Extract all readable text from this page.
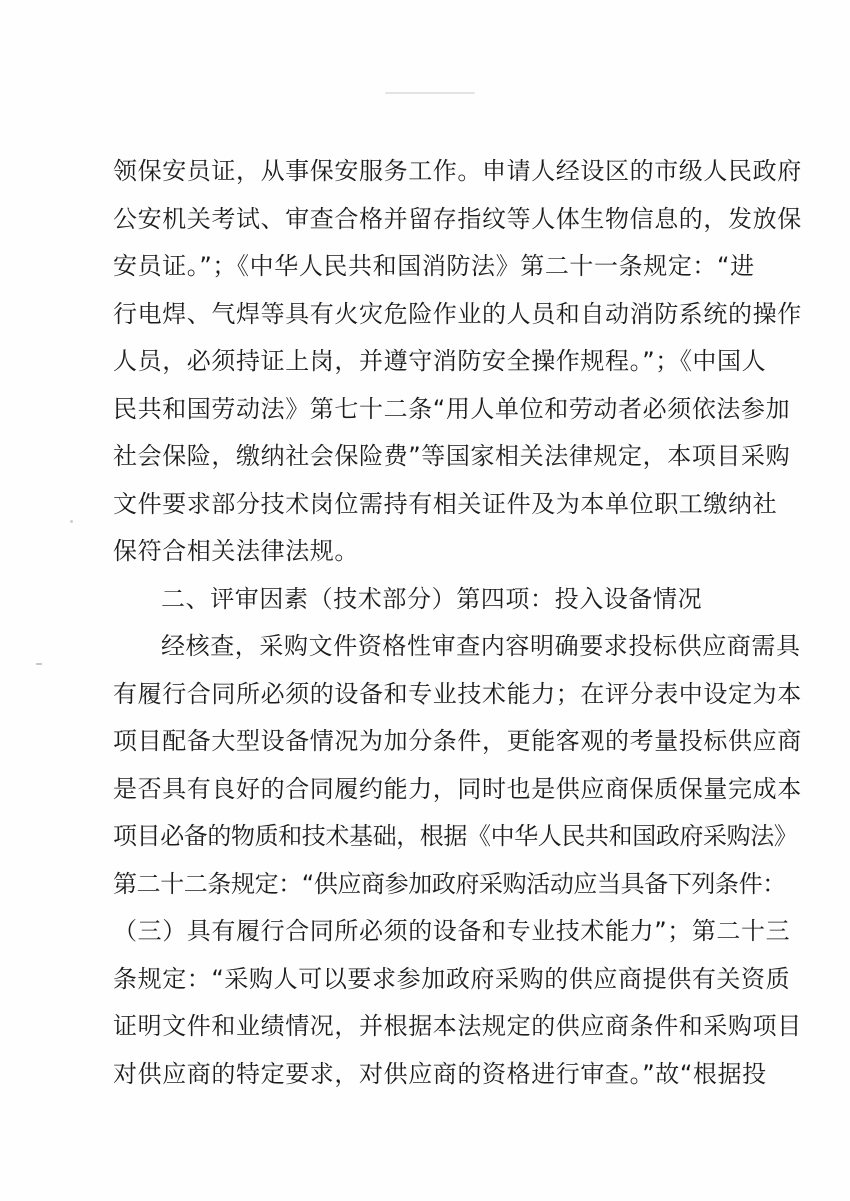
领保安员证，从事保安服务工作。申请人经设区的市级人民政府
公安机关考试、审查合格并留存指纹等人体生物信息的，发放保
安员证。”；《中华人民共和国消防法》第二十一条规定：“进
行电焊、气焊等具有火灾危险作业的人员和自动消防系统的操作
人员，必须持证上岗，并遵守消防安全操作规程。”；《中国人
民共和国劳动法》第七十二条“用人单位和劳动者必须依法参加
社会保险，缴纳社会保险费”等国家相关法律规定，本项目采购
文件要求部分技术岗位需持有相关证件及为本单位职工缴纳社
保符合相关法律法规。
二、评审因素（技术部分）第四项：投入设备情况
经核查，采购文件资格性审查内容明确要求投标供应商需具
有履行合同所必须的设备和专业技术能力；在评分表中设定为本
项目配备大型设备情况为加分条件，更能客观的考量投标供应商
是否具有良好的合同履约能力，同时也是供应商保质保量完成本
项目必备的物质和技术基础，根据《中华人民共和国政府采购法》
第二十二条规定：“供应商参加政府采购活动应当具备下列条件：
（三）具有履行合同所必须的设备和专业技术能力”；第二十三
条规定：“采购人可以要求参加政府采购的供应商提供有关资质
证明文件和业绩情况，并根据本法规定的供应商条件和采购项目
对供应商的特定要求，对供应商的资格进行审查。”故“根据投
